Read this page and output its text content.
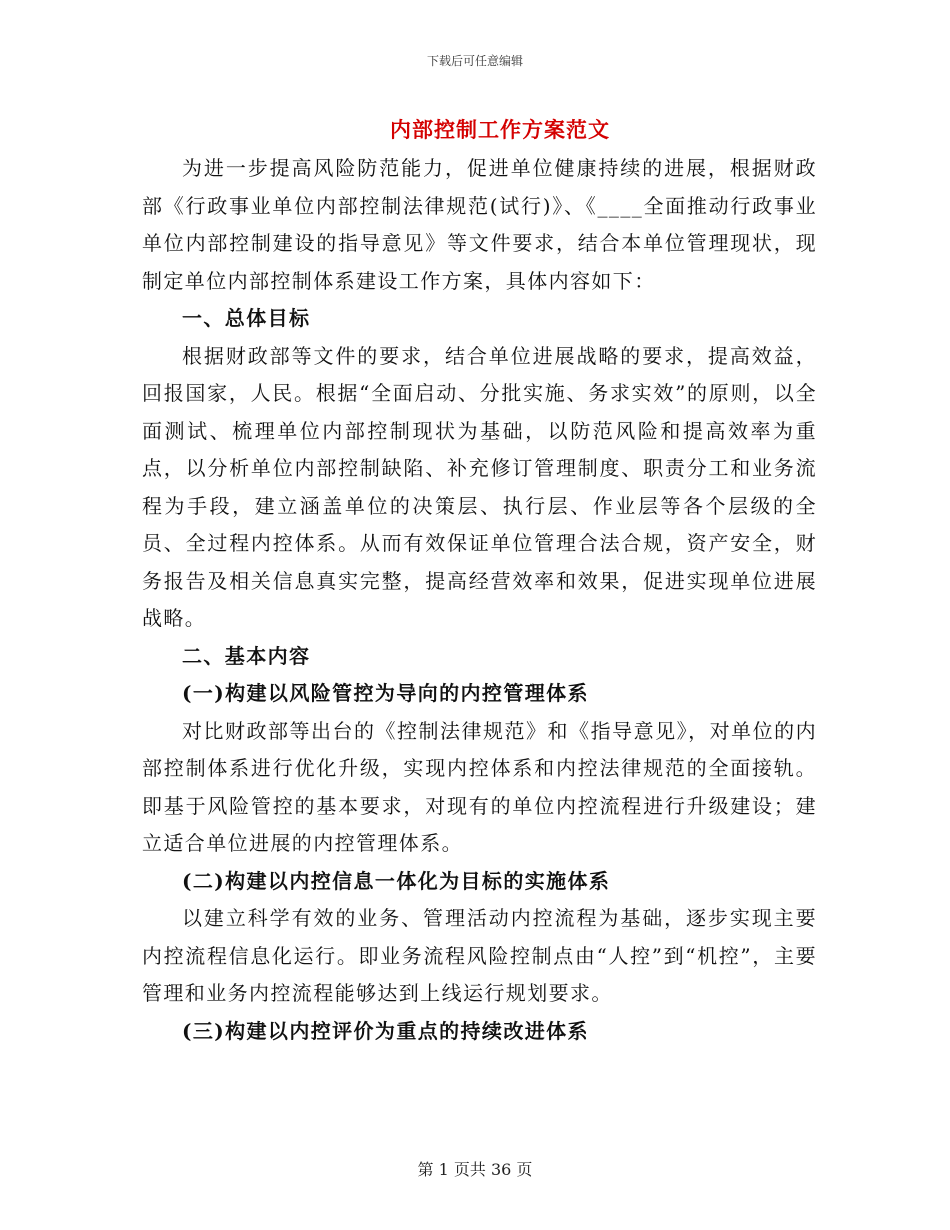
下载后可任意编辑
内部控制工作方案范文

为进一步提高风险防范能力，促进单位健康持续的进展，根据财政部《行政事业单位内部控制法律规范(试行)》、《____全面推动行政事业单位内部控制建设的指导意见》等文件要求，结合本单位管理现状，现制定单位内部控制体系建设工作方案，具体内容如下：

一、总体目标

根据财政部等文件的要求，结合单位进展战略的要求，提高效益，回报国家，人民。根据“全面启动、分批实施、务求实效”的原则，以全面测试、梳理单位内部控制现状为基础，以防范风险和提高效率为重点，以分析单位内部控制缺陷、补充修订管理制度、职责分工和业务流程为手段，建立涵盖单位的决策层、执行层、作业层等各个层级的全员、全过程内控体系。从而有效保证单位管理合法合规，资产安全，财务报告及相关信息真实完整，提高经营效率和效果，促进实现单位进展战略。

二、基本内容

(一)构建以风险管控为导向的内控管理体系

对比财政部等出台的《控制法律规范》和《指导意见》，对单位的内部控制体系进行优化升级，实现内控体系和内控法律规范的全面接轨。即基于风险管控的基本要求，对现有的单位内控流程进行升级建设；建立适合单位进展的内控管理体系。

(二)构建以内控信息一体化为目标的实施体系

以建立科学有效的业务、管理活动内控流程为基础，逐步实现主要内控流程信息化运行。即业务流程风险控制点由“人控”到“机控”，主要管理和业务内控流程能够达到上线运行规划要求。

(三)构建以内控评价为重点的持续改进体系

第 1 页共 36 页
